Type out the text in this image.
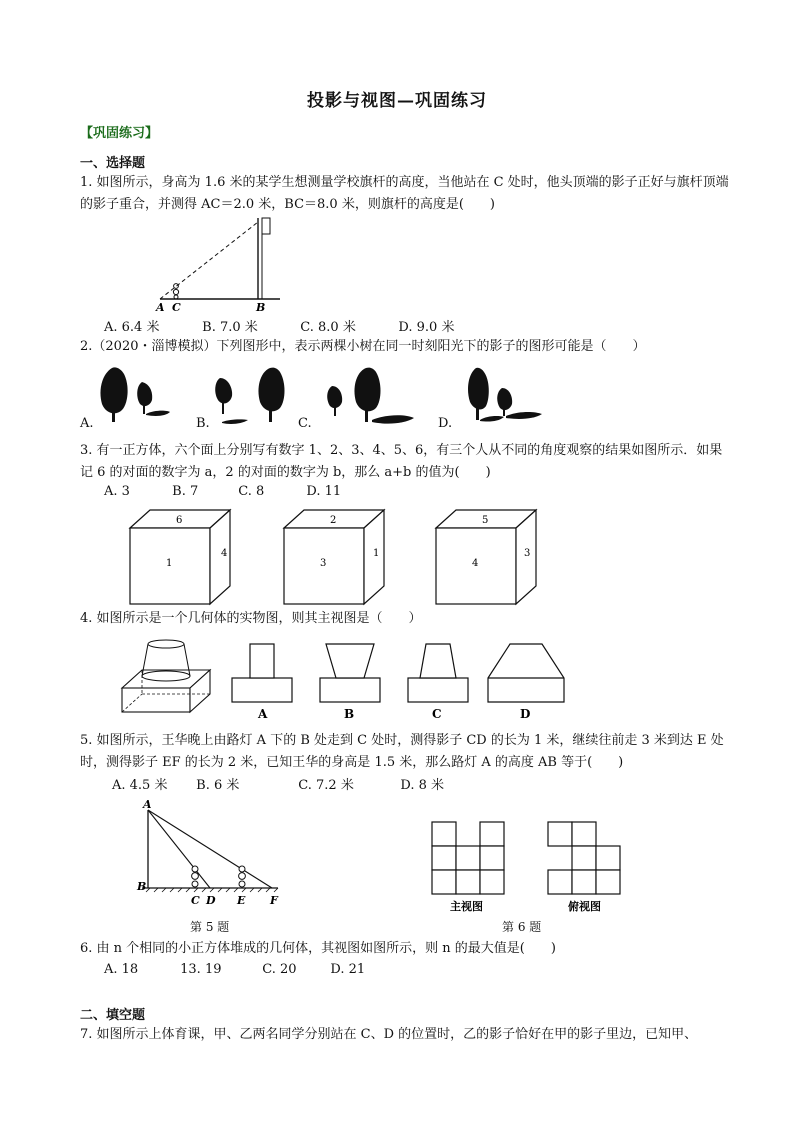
投影与视图—巩固练习
【巩固练习】
一、选择题
1. 如图所示，身高为 1.6 米的某学生想测量学校旗杆的高度，当他站在 C 处时，他头顶端的影子正好与旗杆顶端的影子重合，并测得 AC＝2.0 米，BC＝8.0 米，则旗杆的高度是(　　)
A C	B
A. 6.4 米	B. 7.0 米	C. 8.0 米	D. 9.0 米
2.（2020・淄博模拟）下列图形中，表示两棵小树在同一时刻阳光下的影子的图形可能是（　　）
A.	B.	C.	D.
3. 有一正方体，六个面上分别写有数字 1、2、3、4、5、6，有三个人从不同的角度观察的结果如图所示．如果记 6 的对面的数字为 a，2 的对面的数字为 b，那么 a+b 的值为(　　)
A. 3	B. 7	C. 8	D. 11
6
1
4
2
3
1
5
4
3
4. 如图所示是一个几何体的实物图，则其主视图是（　　）
A	B	C	D
5. 如图所示，王华晚上由路灯 A 下的 B 处走到 C 处时，测得影子 CD 的长为 1 米，继续往前走 3 米到达 E 处时，测得影子 EF 的长为 2 米，已知王华的身高是 1.5 米，那么路灯 A 的高度 AB 等于(　　)
A. 4.5 米 B. 6 米	C. 7.2 米	D. 8 米
A
B
C D E F
第 5 题
主视图	俯视图
第 6 题
6. 由 n 个相同的小正方体堆成的几何体，其视图如图所示，则 n 的最大值是(　　)
A. 18	13. 19	C. 20	D. 21
二、填空题
7. 如图所示上体育课，甲、乙两名同学分别站在 C、D 的位置时，乙的影子恰好在甲的影子里边，已知甲、
